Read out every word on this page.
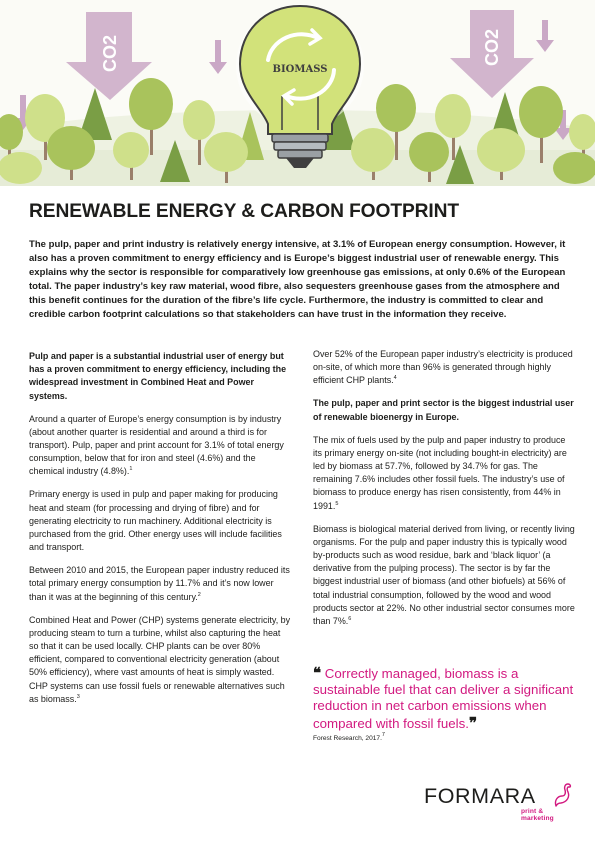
CO2	CO2
BIOMASS
RENEWABLE ENERGY & CARBON FOOTPRINT
The pulp, paper and print industry is relatively energy intensive, at 3.1% of European energy consumption. However, it also has a proven commitment to energy efficiency and is Europe’s biggest industrial user of renewable energy. This explains why the sector is responsible for comparatively low greenhouse gas emissions, at only 0.6% of the European total. The paper industry’s key raw material, wood fibre, also sequesters greenhouse gases from the atmosphere and this benefit continues for the duration of the fibre’s life cycle. Furthermore, the industry is committed to clear and credible carbon footprint calculations so that stakeholders can have trust in the information they receive.

Pulp and paper is a substantial industrial user of energy but has a proven commitment to energy efficiency, including the widespread investment in Combined Heat and Power systems.

Around a quarter of Europe’s energy consumption is by industry (about another quarter is residential and around a third is for transport). Pulp, paper and print account for 3.1% of total energy consumption, below that for iron and steel (4.6%) and the chemical industry (4.8%).$^1$

Primary energy is used in pulp and paper making for producing heat and steam (for processing and drying of fibre) and for generating electricity to run machinery. Additional electricity is purchased from the grid. Other energy uses will include facilities and transport.

Between 2010 and 2015, the European paper industry reduced its total primary energy consumption by 11.7% and it’s now lower than it was at the beginning of this century.$^2$

Combined Heat and Power (CHP) systems generate electricity, by producing steam to turn a turbine, whilst also capturing the heat so that it can be used locally. CHP plants can be over 80% efficient, compared to conventional electricity generation (about 50% efficiency), where vast amounts of heat is simply wasted. CHP systems can use fossil fuels or renewable alternatives such as biomass.$^3$

Over 52% of the European paper industry’s electricity is produced on-site, of which more than 96% is generated through highly efficient CHP plants.$^4$

The pulp, paper and print sector is the biggest industrial user of renewable bioenergy in Europe.

The mix of fuels used by the pulp and paper industry to produce its primary energy on-site (not including bought-in electricity) are led by biomass at 57.7%, followed by 34.7% for gas. The remaining 7.6% includes other fossil fuels. The industry’s use of biomass to produce energy has risen consistently, from 44% in 1991.$^5$

Biomass is biological material derived from living, or recently living organisms. For the pulp and paper industry this is typically wood by-products such as wood residue, bark and ‘black liquor’ (a derivative from the pulping process). The sector is by far the biggest industrial user of biomass (and other biofuels) at 56% of total industrial consumption, followed by the wood and wood products sector at 22%. No other industrial sector consumes more than 7%.$^6$

❝ Correctly managed, biomass is a sustainable fuel that can deliver a significant reduction in net carbon emissions when compared with fossil fuels.❞
Forest Research, 2017.$^7$
FORMARA
print & marketing
